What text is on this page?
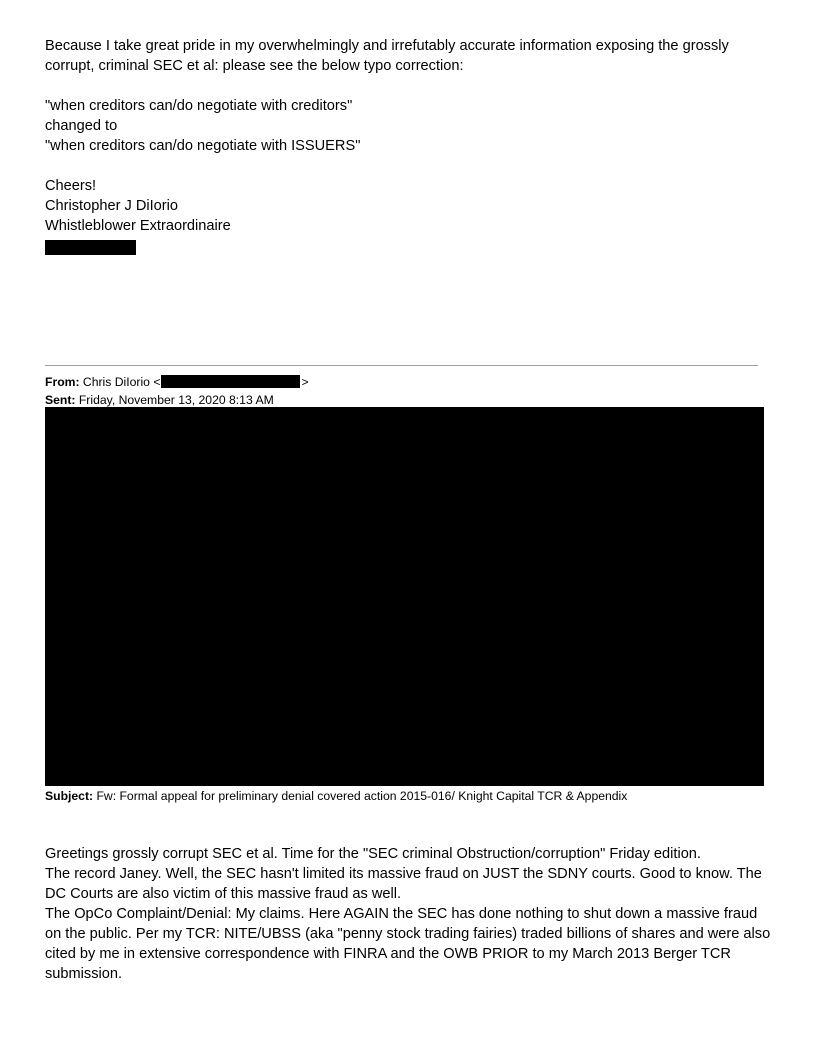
Because I take great pride in my overwhelmingly and irrefutably accurate information exposing the grossly corrupt, criminal SEC et al: please see the below typo correction:

"when creditors can/do negotiate with creditors"
changed to
"when creditors can/do negotiate with ISSUERS"
Cheers!
Christopher J DiIorio
Whistleblower Extraordinaire
From: Chris DiIorio <	>
Sent: Friday, November 13, 2020 8:13 AM
Subject: Fw: Formal appeal for preliminary denial covered action 2015-016/ Knight Capital TCR & Appendix
Greetings grossly corrupt SEC et al. Time for the "SEC criminal Obstruction/corruption" Friday edition.
The record Janey. Well, the SEC hasn't limited its massive fraud on JUST the SDNY courts. Good to know. The DC Courts are also victim of this massive fraud as well.
The OpCo Complaint/Denial: My claims. Here AGAIN the SEC has done nothing to shut down a massive fraud on the public. Per my TCR: NITE/UBSS (aka "penny stock trading fairies) traded billions of shares and were also cited by me in extensive correspondence with FINRA and the OWB PRIOR to my March 2013 Berger TCR submission.
